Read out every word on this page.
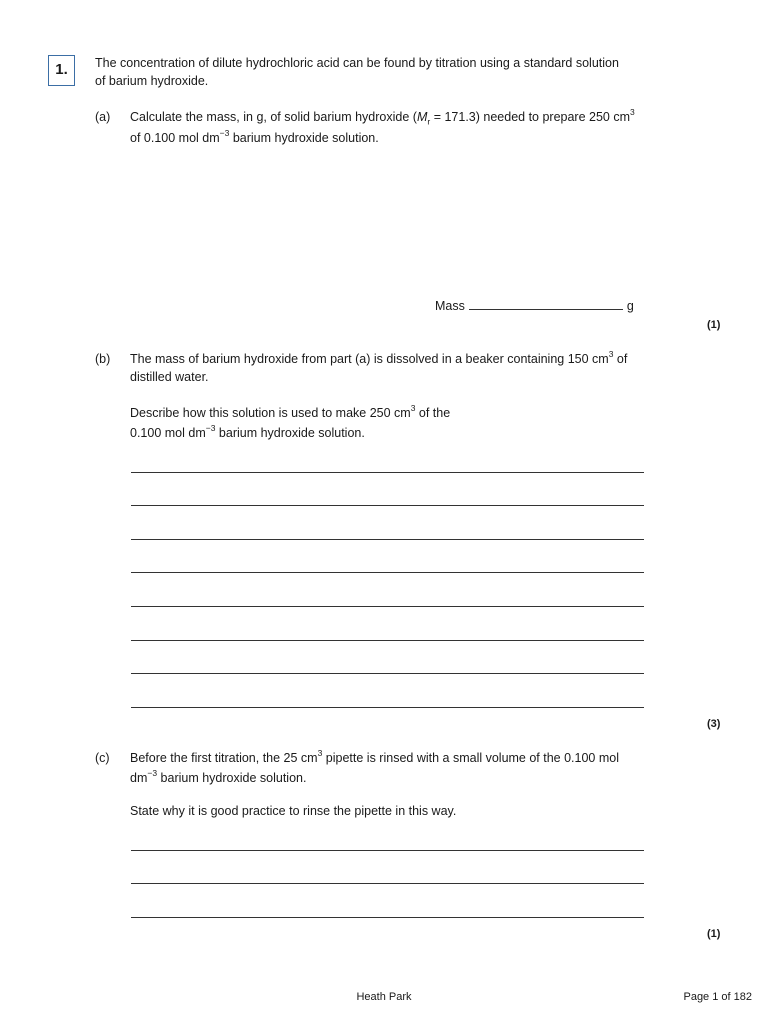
1.	The concentration of dilute hydrochloric acid can be found by titration using a standard solution
of barium hydroxide.
(a) Calculate the mass, in g, of solid barium hydroxide $(M_r = 171.3)$ needed to prepare 250 $cm^3$
of 0.100 mol $dm^{-3}$ barium hydroxide solution.
Mass	g
(1)
(b) The mass of barium hydroxide from part (a) is dissolved in a beaker containing 150 $cm^3$ of
distilled water.
Describe how this solution is used to make 250 $cm^3$ of the
0.100 mol $dm^{-3}$ barium hydroxide solution.
(3)
(c) Before the first titration, the 25 $cm^3$ pipette is rinsed with a small volume of the 0.100 mol
$dm^{-3}$ barium hydroxide solution.
State why it is good practice to rinse the pipette in this way.
(1)
Heath Park	Page 1 of 182
